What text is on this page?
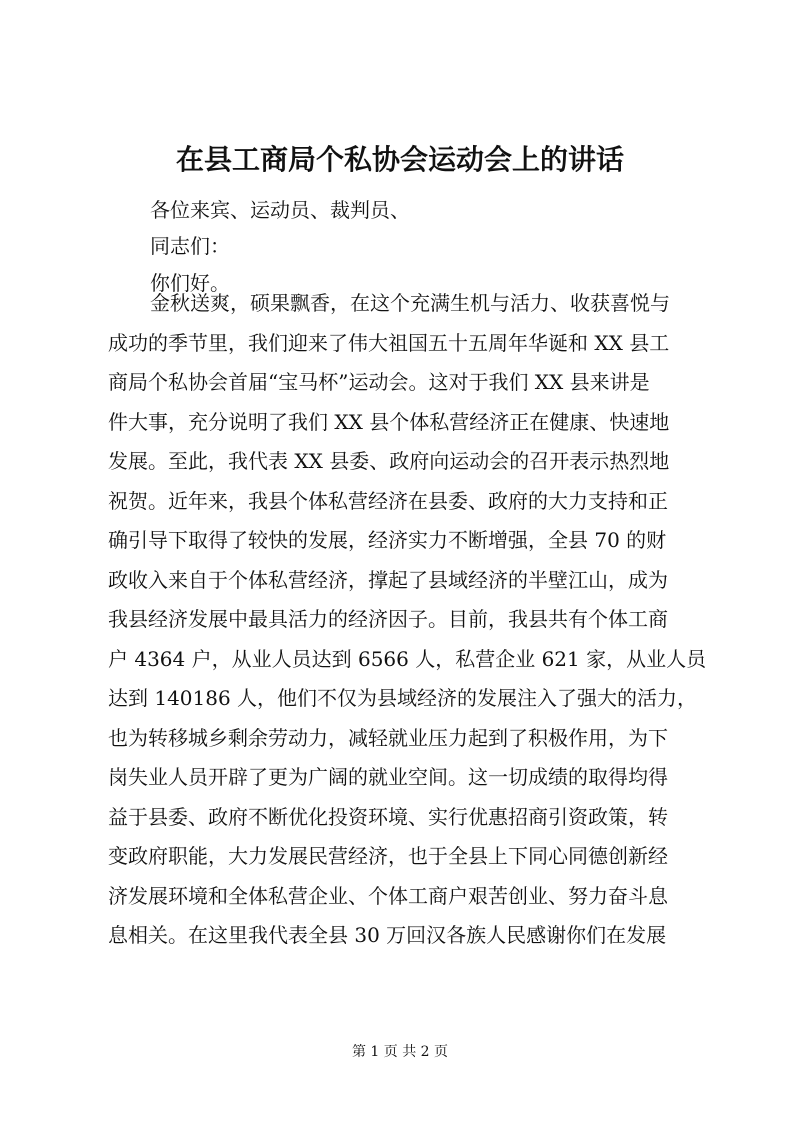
在县工商局个私协会运动会上的讲话
各位来宾、运动员、裁判员、
同志们：
你们好。

金秋送爽，硕果飘香，在这个充满生机与活力、收获喜悦与
成功的季节里，我们迎来了伟大祖国五十五周年华诞和 XX 县工
商局个私协会首届“宝马杯”运动会。这对于我们 XX 县来讲是
件大事，充分说明了我们 XX 县个体私营经济正在健康、快速地
发展。至此，我代表 XX 县委、政府向运动会的召开表示热烈地
祝贺。近年来，我县个体私营经济在县委、政府的大力支持和正
确引导下取得了较快的发展，经济实力不断增强，全县 70 的财
政收入来自于个体私营经济，撑起了县域经济的半壁江山，成为
我县经济发展中最具活力的经济因子。目前，我县共有个体工商
户 4364 户，从业人员达到 6566 人，私营企业 621 家，从业人员
达到 140186 人，他们不仅为县域经济的发展注入了强大的活力，
也为转移城乡剩余劳动力，减轻就业压力起到了积极作用，为下
岗失业人员开辟了更为广阔的就业空间。这一切成绩的取得均得
益于县委、政府不断优化投资环境、实行优惠招商引资政策，转
变政府职能，大力发展民营经济，也于全县上下同心同德创新经
济发展环境和全体私营企业、个体工商户艰苦创业、努力奋斗息
息相关。在这里我代表全县 30 万回汉各族人民感谢你们在发展

第 1 页 共 2 页
